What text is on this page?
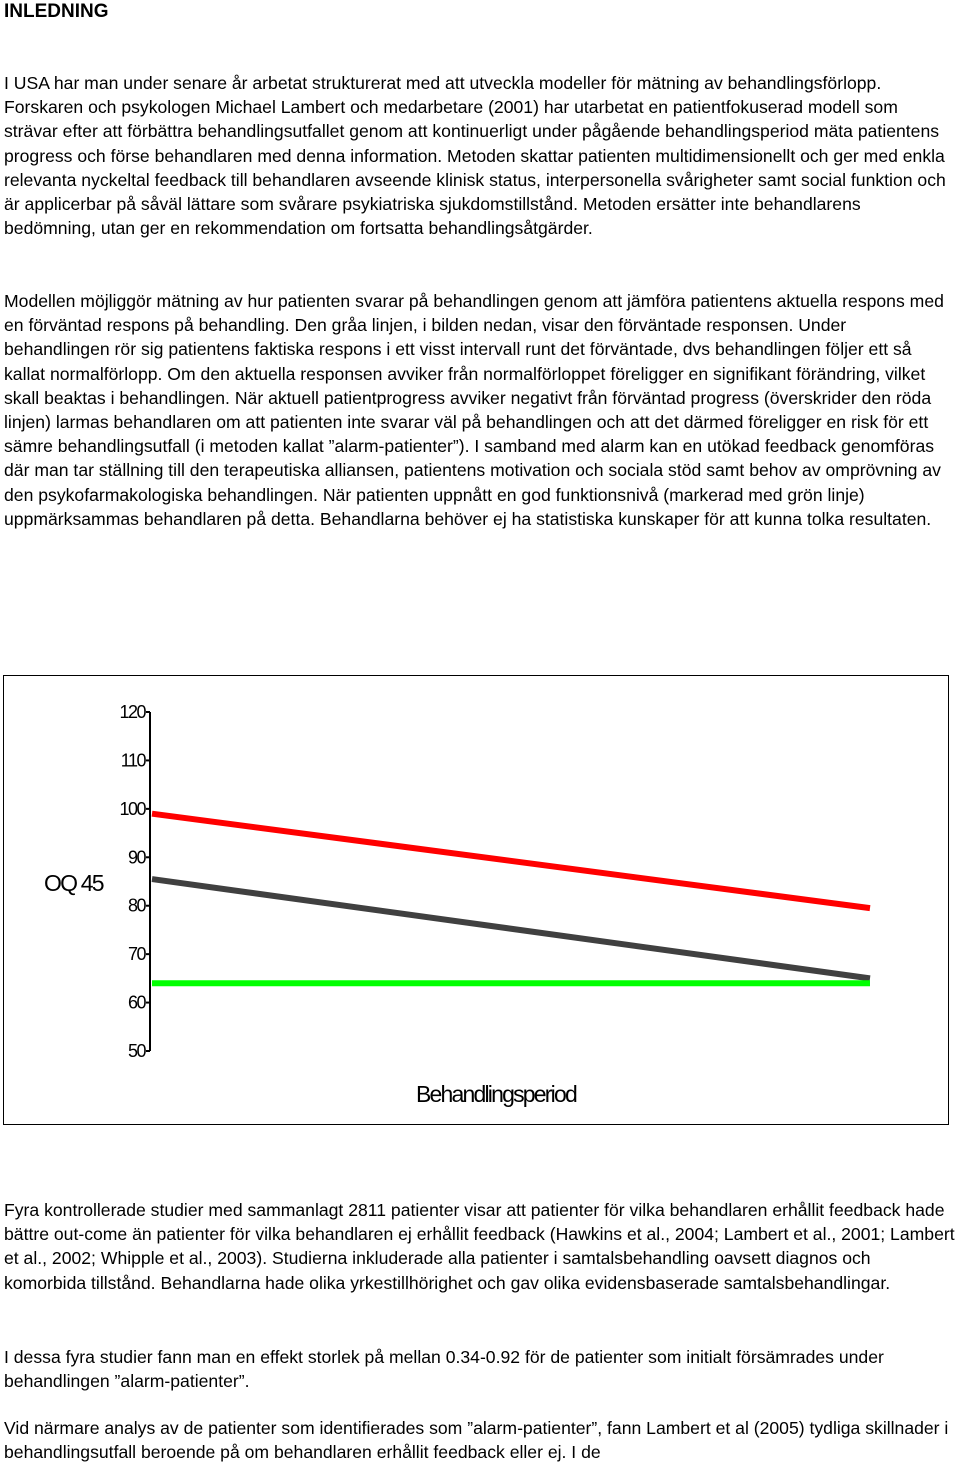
INLEDNING

I USA har man under senare år arbetat strukturerat med att utveckla modeller för mätning av behandlingsförlopp. Forskaren och psykologen Michael Lambert och medarbetare (2001) har utarbetat en patientfokuserad modell som strävar efter att förbättra behandlingsutfallet genom att kontinuerligt under pågående behandlingsperiod mäta patientens progress och förse behandlaren med denna information. Metoden skattar patienten multidimensionellt och ger med enkla relevanta nyckeltal feedback till behandlaren avseende klinisk status, interpersonella svårigheter samt social funktion och är applicerbar på såväl lättare som svårare psykiatriska sjukdomstillstånd. Metoden ersätter inte behandlarens bedömning, utan ger en rekommendation om fortsatta behandlingsåtgärder.

Modellen möjliggör mätning av hur patienten svarar på behandlingen genom att jämföra patientens aktuella respons med en förväntad respons på behandling. Den gråa linjen, i bilden nedan, visar den förväntade responsen. Under behandlingen rör sig patientens faktiska respons i ett visst intervall runt det förväntade, dvs behandlingen följer ett så kallat normalförlopp. Om den aktuella responsen avviker från normalförloppet föreligger en signifikant förändring, vilket skall beaktas i behandlingen. När aktuell patientprogress avviker negativt från förväntad progress (överskrider den röda linjen) larmas behandlaren om att patienten inte svarar väl på behandlingen och att det därmed föreligger en risk för ett sämre behandlingsutfall (i metoden kallat ”alarm-patienter”). I samband med alarm kan en utökad feedback genomföras där man tar ställning till den terapeutiska alliansen, patientens motivation och sociala stöd samt behov av omprövning av den psykofarmakologiska behandlingen. När patienten uppnått en god funktionsnivå (markerad med grön linje) uppmärksammas behandlaren på detta. Behandlarna behöver ej ha statistiska kunskaper för att kunna tolka resultaten.

120
110
100
90
80
70
60
50
OQ 45
Behandlingsperiod

Fyra kontrollerade studier med sammanlagt 2811 patienter visar att patienter för vilka behandlaren erhållit feedback hade bättre out-come än patienter för vilka behandlaren ej erhållit feedback (Hawkins et al., 2004; Lambert et al., 2001; Lambert et al., 2002; Whipple et al., 2003). Studierna inkluderade alla patienter i samtalsbehandling oavsett diagnos och komorbida tillstånd. Behandlarna hade olika yrkestillhörighet och gav olika evidensbaserade samtalsbehandlingar.

I dessa fyra studier fann man en effekt storlek på mellan 0.34-0.92 för de patienter som initialt försämrades under behandlingen ”alarm-patienter”.

Vid närmare analys av de patienter som identifierades som ”alarm-patienter”, fann Lambert et al (2005) tydliga skillnader i behandlingsutfall beroende på om behandlaren erhållit feedback eller ej. I de
